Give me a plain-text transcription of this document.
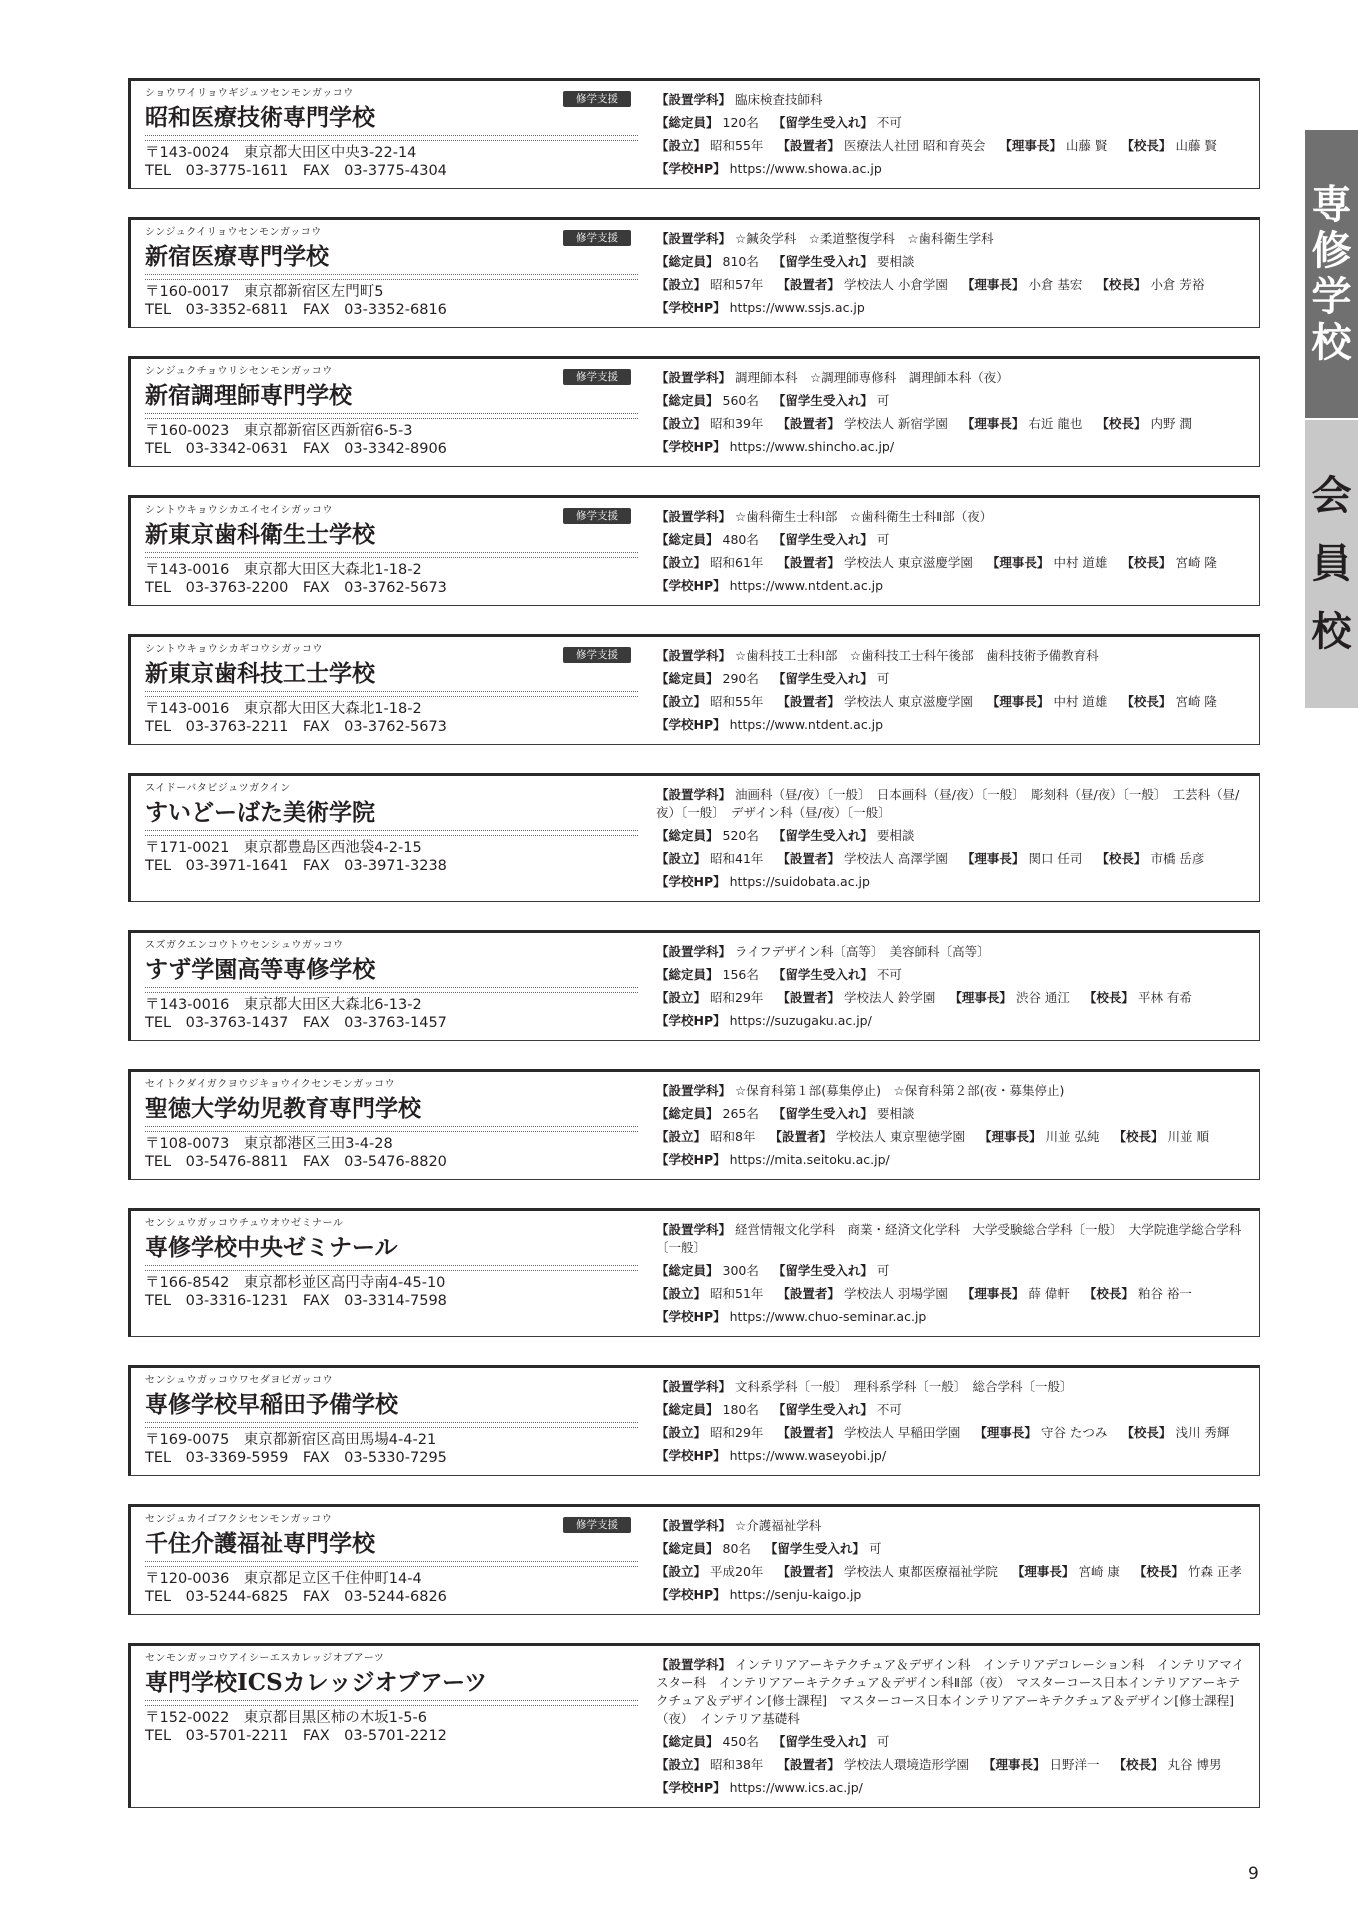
ショウワイリョウギジュツセンモンガッコウ	修学支援
昭和医療技術専門学校
〒143-0024　東京都大田区中央3-22-14
TEL　03-3775-1611　FAX　03-3775-4304

【設置学科】 臨床検査技師科

【総定員】 120名 【留学生受入れ】 不可

【設立】 昭和55年 【設置者】 医療法人社団 昭和育英会 【理事長】 山藤 賢 【校長】 山藤 賢

【学校HP】 https://www.showa.ac.jp

シンジュクイリョウセンモンガッコウ	修学支援
新宿医療専門学校
〒160-0017　東京都新宿区左門町5
TEL　03-3352-6811　FAX　03-3352-6816

【設置学科】 ☆鍼灸学科　☆柔道整復学科　☆歯科衛生学科

【総定員】 810名 【留学生受入れ】 要相談

【設立】 昭和57年 【設置者】 学校法人 小倉学園 【理事長】 小倉 基宏 【校長】 小倉 芳裕

【学校HP】 https://www.ssjs.ac.jp

シンジュクチョウリシセンモンガッコウ	修学支援
新宿調理師専門学校
〒160-0023　東京都新宿区西新宿6-5-3
TEL　03-3342-0631　FAX　03-3342-8906

【設置学科】 調理師本科　☆調理師専修科　調理師本科（夜）

【総定員】 560名 【留学生受入れ】 可

【設立】 昭和39年 【設置者】 学校法人 新宿学園 【理事長】 右近 龍也 【校長】 内野 潤

【学校HP】 https://www.shincho.ac.jp/

シントウキョウシカエイセイシガッコウ	修学支援
新東京歯科衛生士学校
〒143-0016　東京都大田区大森北1-18-2
TEL　03-3763-2200　FAX　03-3762-5673

【設置学科】 ☆歯科衛生士科Ⅰ部　☆歯科衛生士科Ⅱ部（夜）

【総定員】 480名 【留学生受入れ】 可

【設立】 昭和61年 【設置者】 学校法人 東京滋慶学園 【理事長】 中村 道雄 【校長】 宮崎 隆

【学校HP】 https://www.ntdent.ac.jp

シントウキョウシカギコウシガッコウ	修学支援
新東京歯科技工士学校
〒143-0016　東京都大田区大森北1-18-2
TEL　03-3763-2211　FAX　03-3762-5673

【設置学科】 ☆歯科技工士科Ⅰ部　☆歯科技工士科午後部　歯科技術予備教育科

【総定員】 290名 【留学生受入れ】 可

【設立】 昭和55年 【設置者】 学校法人 東京滋慶学園 【理事長】 中村 道雄 【校長】 宮崎 隆

【学校HP】 https://www.ntdent.ac.jp

スイドーバタビジュツガクイン
すいどーばた美術学院
〒171-0021　東京都豊島区西池袋4-2-15
TEL　03-3971-1641　FAX　03-3971-3238

【設置学科】 油画科（昼/夜）〔一般〕　日本画科（昼/夜）〔一般〕　彫刻科（昼/夜）〔一般〕　工芸科（昼/夜）〔一般〕　デザイン科（昼/夜）〔一般〕

【総定員】 520名 【留学生受入れ】 要相談

【設立】 昭和41年 【設置者】 学校法人 高澤学園 【理事長】 関口 任司 【校長】 市橋 岳彦

【学校HP】 https://suidobata.ac.jp

スズガクエンコウトウセンシュウガッコウ
すず学園高等専修学校
〒143-0016　東京都大田区大森北6-13-2
TEL　03-3763-1437　FAX　03-3763-1457

【設置学科】 ライフデザイン科〔高等〕　美容師科〔高等〕

【総定員】 156名 【留学生受入れ】 不可

【設立】 昭和29年 【設置者】 学校法人 鈴学園 【理事長】 渋谷 通江 【校長】 平林 有希

【学校HP】 https://suzugaku.ac.jp/

セイトクダイガクヨウジキョウイクセンモンガッコウ
聖徳大学幼児教育専門学校
〒108-0073　東京都港区三田3-4-28
TEL　03-5476-8811　FAX　03-5476-8820

【設置学科】 ☆保育科第１部(募集停止)　☆保育科第２部(夜・募集停止)

【総定員】 265名 【留学生受入れ】 要相談

【設立】 昭和8年 【設置者】 学校法人 東京聖徳学園 【理事長】 川並 弘純 【校長】 川並 順

【学校HP】 https://mita.seitoku.ac.jp/

センシュウガッコウチュウオウゼミナール
専修学校中央ゼミナール
〒166-8542　東京都杉並区高円寺南4-45-10
TEL　03-3316-1231　FAX　03-3314-7598

【設置学科】 経営情報文化学科　商業・経済文化学科　大学受験総合学科〔一般〕　大学院進学総合学科〔一般〕

【総定員】 300名 【留学生受入れ】 可

【設立】 昭和51年 【設置者】 学校法人 羽場学園 【理事長】 薛 偉軒 【校長】 粕谷 裕一

【学校HP】 https://www.chuo-seminar.ac.jp

センシュウガッコウワセダヨビガッコウ
専修学校早稲田予備学校
〒169-0075　東京都新宿区高田馬場4-4-21
TEL　03-3369-5959　FAX　03-5330-7295

【設置学科】 文科系学科〔一般〕　理科系学科〔一般〕　総合学科〔一般〕

【総定員】 180名 【留学生受入れ】 不可

【設立】 昭和29年 【設置者】 学校法人 早稲田学園 【理事長】 守谷 たつみ 【校長】 浅川 秀輝

【学校HP】 https://www.waseyobi.jp/

センジュカイゴフクシセンモンガッコウ	修学支援
千住介護福祉専門学校
〒120-0036　東京都足立区千住仲町14-4
TEL　03-5244-6825　FAX　03-5244-6826

【設置学科】 ☆介護福祉学科

【総定員】 80名 【留学生受入れ】 可

【設立】 平成20年 【設置者】 学校法人 東都医療福祉学院 【理事長】 宮崎 康 【校長】 竹森 正孝

【学校HP】 https://senju-kaigo.jp

センモンガッコウアイシーエスカレッジオブアーツ
専門学校ICSカレッジオブアーツ
〒152-0022　東京都目黒区柿の木坂1-5-6
TEL　03-5701-2211　FAX　03-5701-2212

【設置学科】 インテリアアーキテクチュア＆デザイン科　インテリアデコレーション科　インテリアマイスター科　インテリアアーキテクチュア＆デザイン科Ⅱ部（夜）　マスターコース日本インテリアアーキテクチュア＆デザイン[修士課程]　マスターコース日本インテリアアーキテクチュア＆デザイン[修士課程]（夜）　インテリア基礎科

【総定員】 450名 【留学生受入れ】 可

【設立】 昭和38年 【設置者】 学校法人環境造形学園 【理事長】 日野洋一 【校長】 丸谷 博男

【学校HP】 https://www.ics.ac.jp/

専
修
学
校
会
員
校
9
